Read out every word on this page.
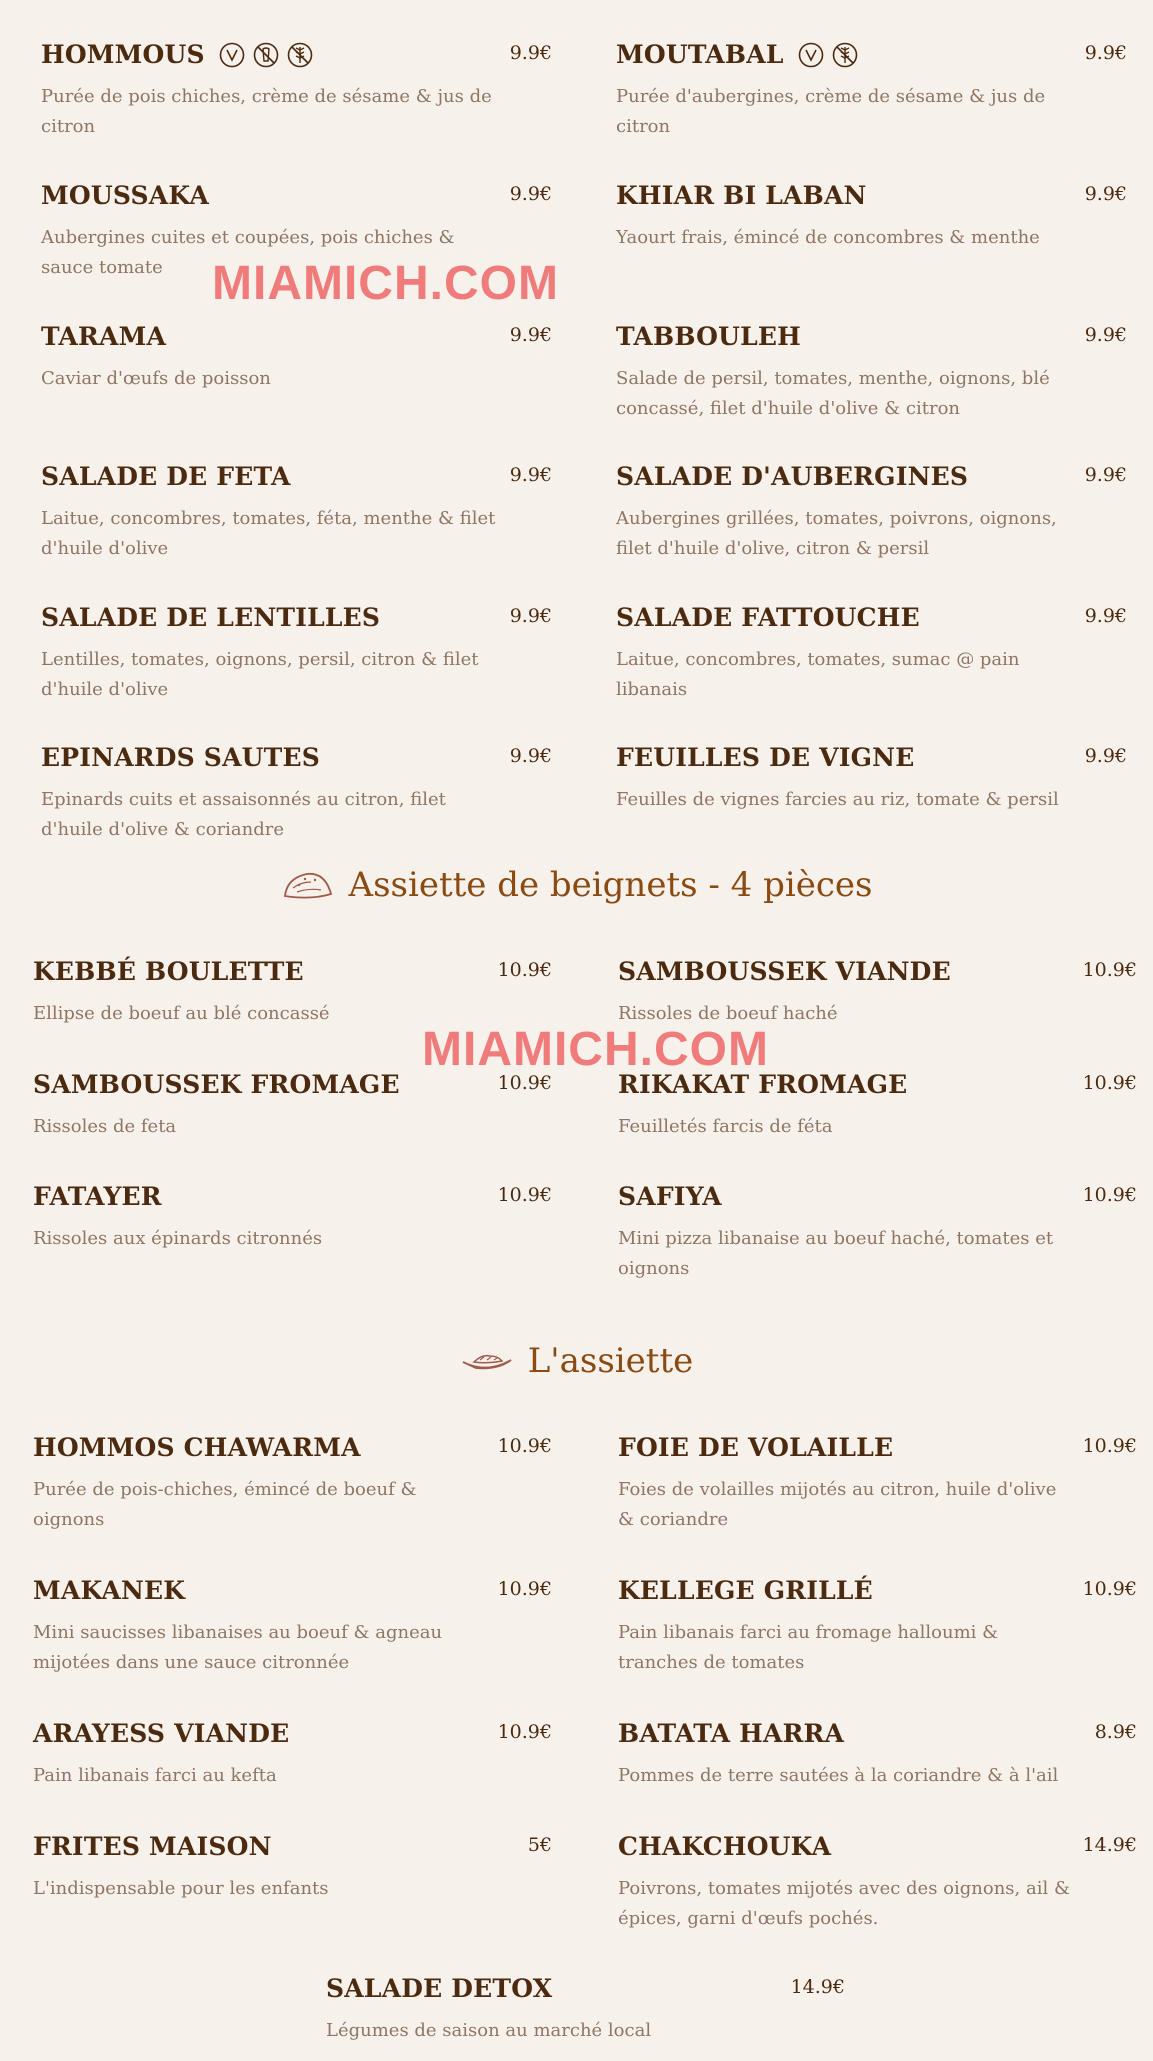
HOMMOUS	9.9€
Purée de pois chiches, crème de sésame & jus de citron
MOUTABAL	9.9€
Purée d'aubergines, crème de sésame & jus de citron
MOUSSAKA	9.9€
Aubergines cuites et coupées, pois chiches & sauce tomate
KHIAR BI LABAN	9.9€
Yaourt frais, émincé de concombres & menthe
TARAMA	9.9€
Caviar d'œufs de poisson
TABBOULEH	9.9€
Salade de persil, tomates, menthe, oignons, blé concassé, filet d'huile d'olive & citron
SALADE DE FETA	9.9€
Laitue, concombres, tomates, féta, menthe & filet d'huile d'olive
SALADE D'AUBERGINES	9.9€
Aubergines grillées, tomates, poivrons, oignons, filet d'huile d'olive, citron & persil
SALADE DE LENTILLES	9.9€
Lentilles, tomates, oignons, persil, citron & filet d'huile d'olive
SALADE FATTOUCHE	9.9€
Laitue, concombres, tomates, sumac @ pain libanais
EPINARDS SAUTES	9.9€
Epinards cuits et assaisonnés au citron, filet d'huile d'olive & coriandre
FEUILLES DE VIGNE	9.9€
Feuilles de vignes farcies au riz, tomate & persil
MIAMICH.COM
Assiette de beignets - 4 pièces
KEBBÉ BOULETTE	10.9€
Ellipse de boeuf au blé concassé
SAMBOUSSEK VIANDE	10.9€
Rissoles de boeuf haché
SAMBOUSSEK FROMAGE	10.9€
Rissoles de feta
RIKAKAT FROMAGE	10.9€
Feuilletés farcis de féta
FATAYER	10.9€
Rissoles aux épinards citronnés
SAFIYA	10.9€
Mini pizza libanaise au boeuf haché, tomates et oignons
MIAMICH.COM
L'assiette
HOMMOS CHAWARMA	10.9€
Purée de pois-chiches, émincé de boeuf & oignons
FOIE DE VOLAILLE	10.9€
Foies de volailles mijotés au citron, huile d'olive & coriandre
MAKANEK	10.9€
Mini saucisses libanaises au boeuf & agneau mijotées dans une sauce citronnée
KELLEGE GRILLÉ	10.9€
Pain libanais farci au fromage halloumi & tranches de tomates
ARAYESS VIANDE	10.9€
Pain libanais farci au kefta
BATATA HARRA	8.9€
Pommes de terre sautées à la coriandre & à l'ail
FRITES MAISON	5€
L'indispensable pour les enfants
CHAKCHOUKA	14.9€
Poivrons, tomates mijotés avec des oignons, ail & épices, garni d'œufs pochés.
SALADE DETOX	14.9€
Légumes de saison au marché local
